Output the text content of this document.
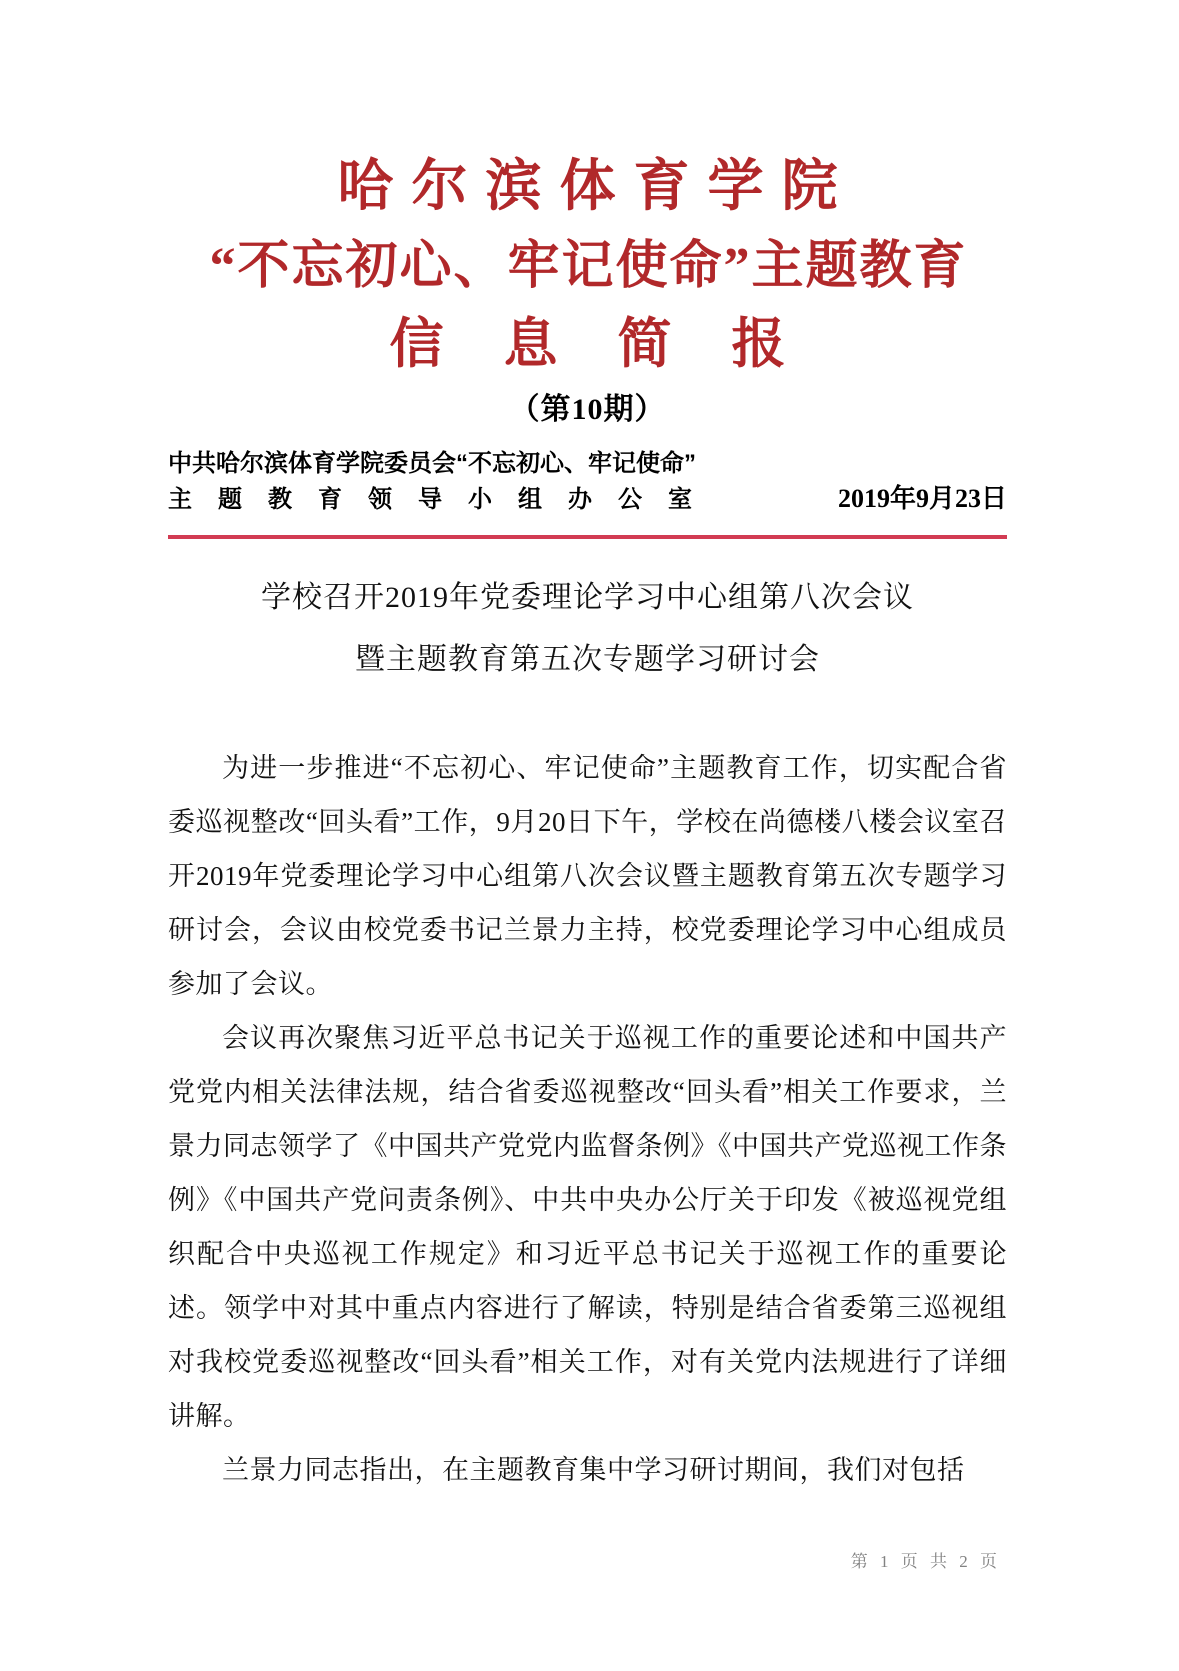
哈尔滨体育学院
“不忘初心、牢记使命”主题教育
信息简报
（第10期）
中共哈尔滨体育学院委员会“不忘初心、牢记使命”
主题教育领导小组办公室	2019年9月23日
学校召开2019年党委理论学习中心组第八次会议
暨主题教育第五次专题学习研讨会

为进一步推进“不忘初心、牢记使命”主题教育工作，切实配合省委巡视整改“回头看”工作，9月20日下午，学校在尚德楼八楼会议室召开2019年党委理论学习中心组第八次会议暨主题教育第五次专题学习研讨会，会议由校党委书记兰景力主持，校党委理论学习中心组成员参加了会议。

会议再次聚焦习近平总书记关于巡视工作的重要论述和中国共产党党内相关法律法规，结合省委巡视整改“回头看”相关工作要求，兰景力同志领学了《中国共产党党内监督条例》《中国共产党巡视工作条例》《中国共产党问责条例》、中共中央办公厅关于印发《被巡视党组织配合中央巡视工作规定》和习近平总书记关于巡视工作的重要论述。领学中对其中重点内容进行了解读，特别是结合省委第三巡视组对我校党委巡视整改“回头看”相关工作，对有关党内法规进行了详细讲解。

兰景力同志指出，在主题教育集中学习研讨期间，我们对包括

第 1 页 共 2 页
